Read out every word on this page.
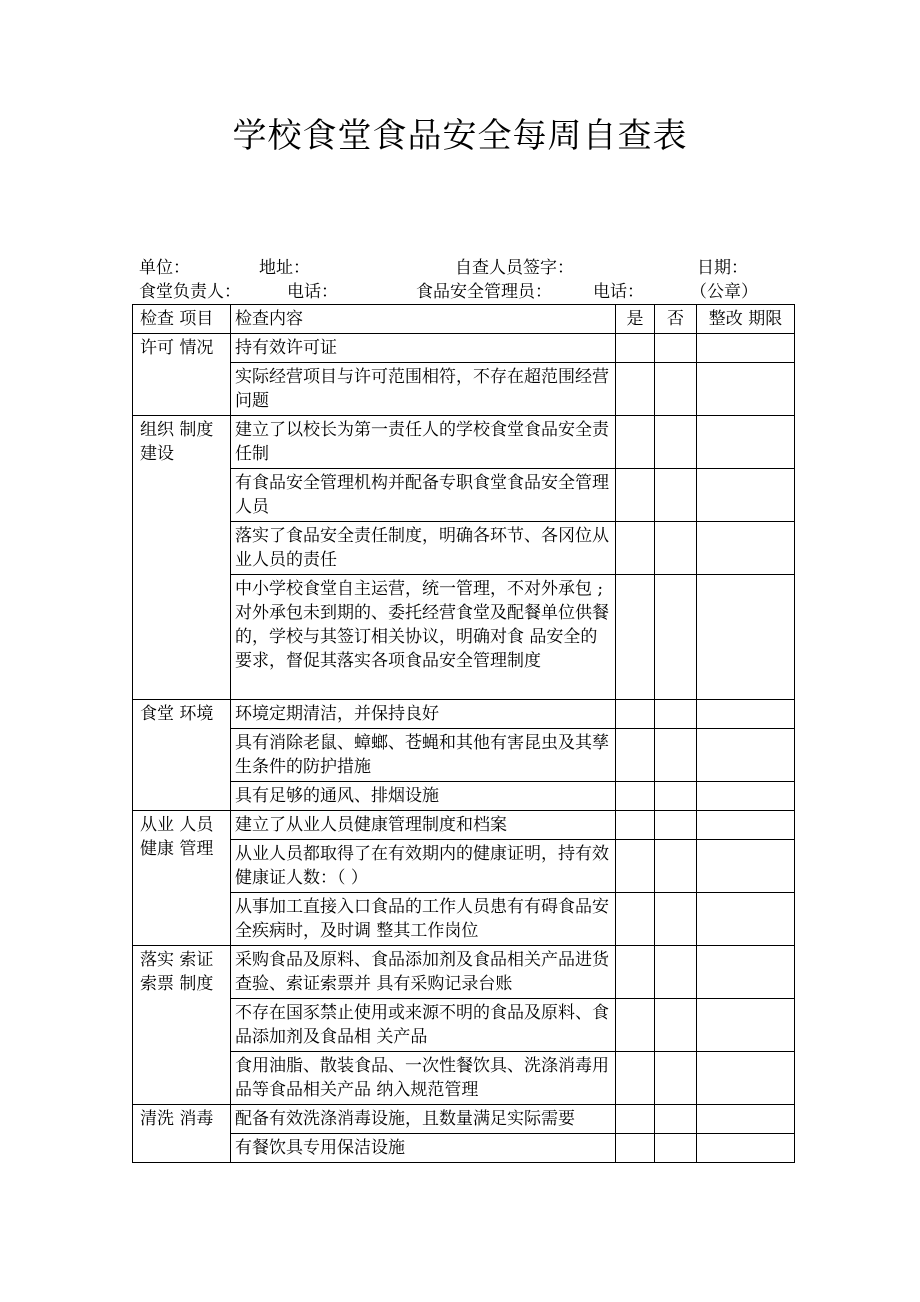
学校食堂食品安全每周自查表
单位：	地址：	自查人员签字：	日期：
食堂负责人：	电话：	食品安全管理员： 电话：	（公章）
检查 项目	检查内容	是	否	整改 期限
许可 情况	持有效许可证			
	实际经营项目与许可范围相符，不存在超范围经营问题			
组织 制度建设	建立了以校长为第一责任人的学校食堂食品安全责任制			
	有食品安全管理机构并配备专职食堂食品安全管理人员			
	落实了食品安全责任制度，明确各环节、各冈位从业人员的责任			
	中小学校食堂自主运营，统一管理，不对外承包 ;对外承包未到期的、委托经营食堂及配餐单位供餐的，学校与其签订相关协议，明确对食 品安全的要求，督促其落实各项食品安全管理制度			
食堂 环境	环境定期清洁，并保持良好			
	具有消除老鼠、蟑螂、苍蝇和其他有害昆虫及其孳生条件的防护措施			
	具有足够的通风、排烟设施			
从业 人员健康 管理	建立了从业人员健康管理制度和档案			
	从业人员都取得了在有效期内的健康证明，持有效健康证人数：（ ）			
	从事加工直接入口食品的工作人员患有有碍食品安全疾病时，及时调 整其工作岗位			
落实 索证索票 制度	采购食品及原料、食品添加剂及食品相关产品进货查验、索证索票并 具有采购记录台账			
	不存在国豕禁止使用或来源不明的食品及原料、食品添加剂及食品相 关产品			
	食用油脂、散装食品、一次性餐饮具、洗涤消毒用品等食品相关产品 纳入规范管理			
清洗 消毒	配备有效洗涤消毒设施，且数量满足实际需要			
	有餐饮具专用保洁设施			
